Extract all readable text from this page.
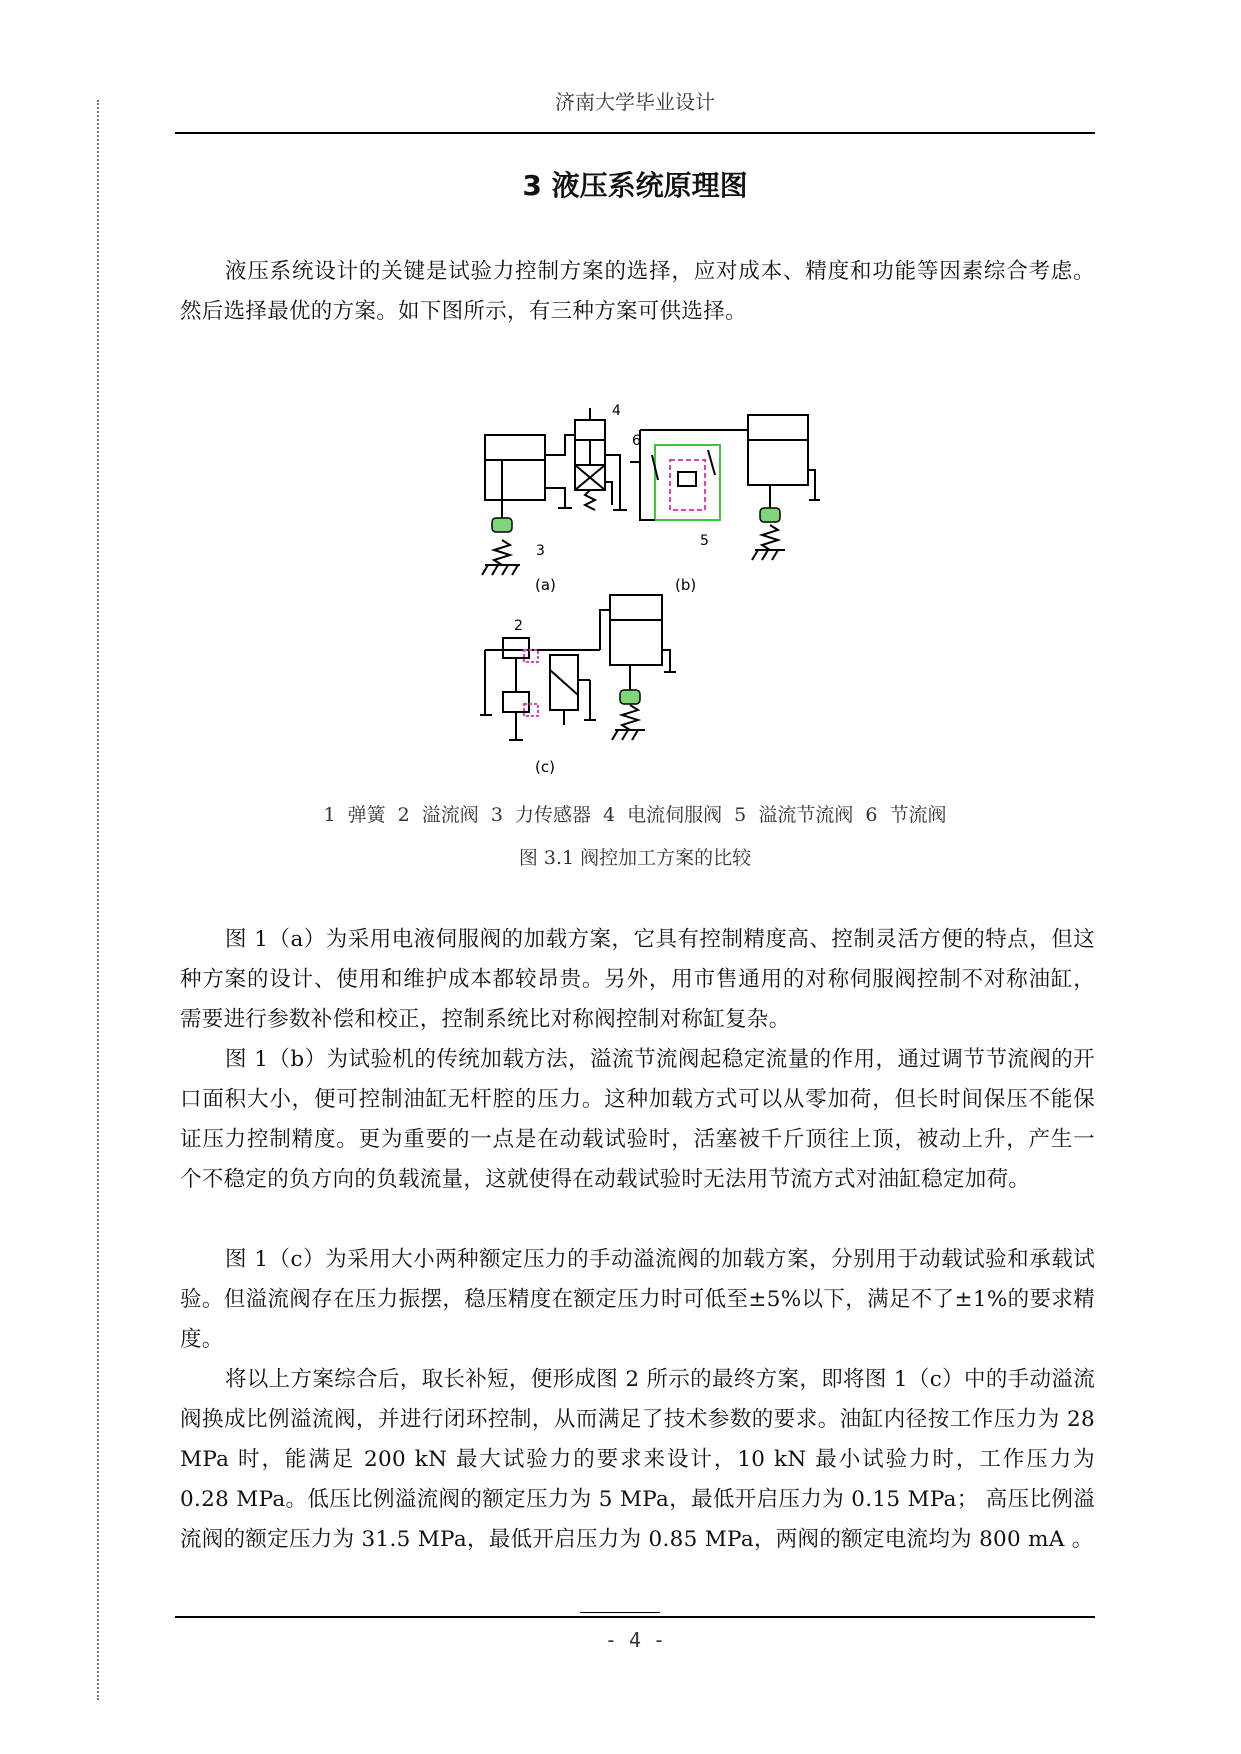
济南大学毕业设计
3 液压系统原理图

液压系统设计的关键是试验力控制方案的选择，应对成本、精度和功能等因素综合考虑。然后选择最优的方案。如下图所示，有三种方案可供选择。

3
4
5
6
2
(a)	(b)
(c)
1 弹簧 2 溢流阀 3 力传感器 4 电流伺服阀 5 溢流节流阀 6 节流阀
图 3.1 阀控加工方案的比较

图 1（a）为采用电液伺服阀的加载方案，它具有控制精度高、控制灵活方便的特点，但这种方案的设计、使用和维护成本都较昂贵。另外，用市售通用的对称伺服阀控制不对称油缸，需要进行参数补偿和校正，控制系统比对称阀控制对称缸复杂。

图 1（b）为试验机的传统加载方法，溢流节流阀起稳定流量的作用，通过调节节流阀的开口面积大小，便可控制油缸无杆腔的压力。这种加载方式可以从零加荷，但长时间保压不能保证压力控制精度。更为重要的一点是在动载试验时，活塞被千斤顶往上顶，被动上升，产生一个不稳定的负方向的负载流量，这就使得在动载试验时无法用节流方式对油缸稳定加荷。

图 1（c）为采用大小两种额定压力的手动溢流阀的加载方案，分别用于动载试验和承载试验。但溢流阀存在压力振摆，稳压精度在额定压力时可低至±5%以下，满足不了±1%的要求精度。

将以上方案综合后，取长补短，便形成图 2 所示的最终方案，即将图 1（c）中的手动溢流阀换成比例溢流阀，并进行闭环控制，从而满足了技术参数的要求。油缸内径按工作压力为 28 MPa 时，能满足 200 kN 最大试验力的要求来设计，10 kN 最小试验力时，工作压力为 0.28 MPa。低压比例溢流阀的额定压力为 5 MPa，最低开启压力为 0.15 MPa； 高压比例溢流阀的额定压力为 31.5 MPa，最低开启压力为 0.85 MPa，两阀的额定电流均为 800 mA 。

- 4 -
